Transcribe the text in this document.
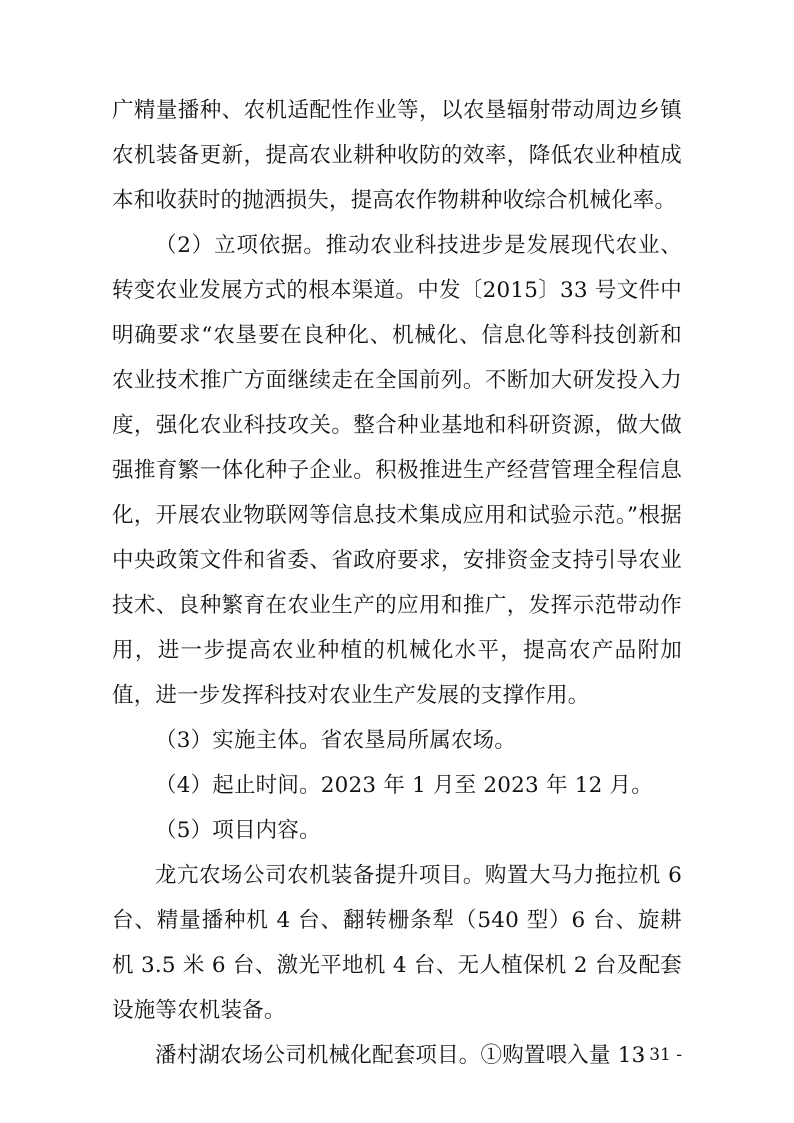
广精量播种、农机适配性作业等，以农垦辐射带动周边乡镇农机装备更新，提高农业耕种收防的效率，降低农业种植成本和收获时的抛洒损失，提高农作物耕种收综合机械化率。

（2）立项依据。推动农业科技进步是发展现代农业、转变农业发展方式的根本渠道。中发〔2015〕33 号文件中明确要求“农垦要在良种化、机械化、信息化等科技创新和农业技术推广方面继续走在全国前列。不断加大研发投入力度，强化农业科技攻关。整合种业基地和科研资源，做大做强推育繁一体化种子企业。积极推进生产经营管理全程信息化，开展农业物联网等信息技术集成应用和试验示范。”根据中央政策文件和省委、省政府要求，安排资金支持引导农业技术、良种繁育在农业生产的应用和推广，发挥示范带动作用，进一步提高农业种植的机械化水平，提高农产品附加值，进一步发挥科技对农业生产发展的支撑作用。

（3）实施主体。省农垦局所属农场。

（4）起止时间。2023 年 1 月至 2023 年 12 月。

（5）项目内容。

龙亢农场公司农机装备提升项目。购置大马力拖拉机 6 台、精量播种机 4 台、翻转栅条犁（540 型）6 台、旋耕机 3.5 米 6 台、激光平地机 4 台、无人植保机 2 台及配套设施等农机装备。

潘村湖农场公司机械化配套项目。①购置喂入量 13

- 31 -
